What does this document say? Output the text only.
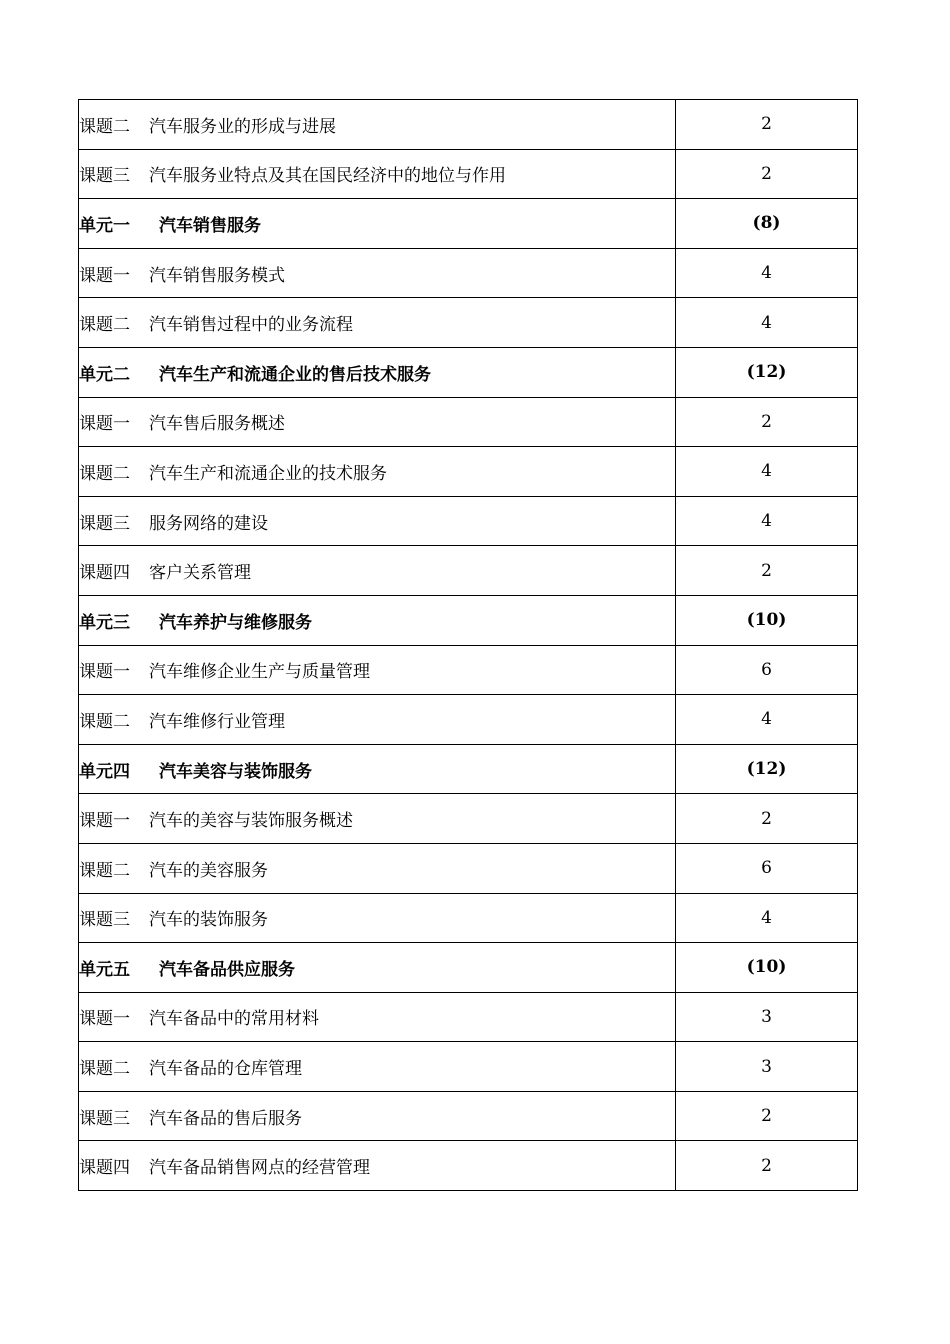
课题二 汽车服务业的形成与进展	2
课题三 汽车服务业特点及其在国民经济中的地位与作用	2
单元一 汽车销售服务	(8)
课题一 汽车销售服务模式	4
课题二 汽车销售过程中的业务流程	4
单元二 汽车生产和流通企业的售后技术服务	(12)
课题一 汽车售后服务概述	2
课题二 汽车生产和流通企业的技术服务	4
课题三 服务网络的建设	4
课题四 客户关系管理	2
单元三 汽车养护与维修服务	(10)
课题一 汽车维修企业生产与质量管理	6
课题二 汽车维修行业管理	4
单元四 汽车美容与装饰服务	(12)
课题一 汽车的美容与装饰服务概述	2
课题二 汽车的美容服务	6
课题三 汽车的装饰服务	4
单元五 汽车备品供应服务	(10)
课题一 汽车备品中的常用材料	3
课题二 汽车备品的仓库管理	3
课题三 汽车备品的售后服务	2
课题四 汽车备品销售网点的经营管理	2
